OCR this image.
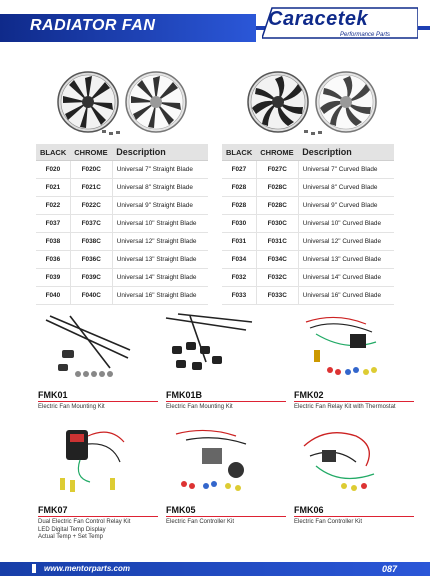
RADIATOR FAN	Caracetek
Performance Parts
BLACK	CHROME	Description
F020	F020C	Universal 7" Straight Blade
F021	F021C	Universal 8" Straight Blade
F022	F022C	Universal 9" Straight Blade
F037	F037C	Universal 10" Straight Blade
F038	F038C	Universal 12" Straight Blade
F036	F036C	Universal 13" Straight Blade
F039	F039C	Universal 14" Straight Blade
F040	F040C	Universal 16" Straight Blade
BLACK	CHROME	Description
F027	F027C	Universal 7" Curved Blade
F028	F028C	Universal 8" Curved Blade
F028	F028C	Universal 9" Curved Blade
F030	F030C	Universal 10" Curved Blade
F031	F031C	Universal 12" Curved Blade
F034	F034C	Universal 13" Curved Blade
F032	F032C	Universal 14" Curved Blade
F033	F033C	Universal 16" Curved Blade
FMK01
Electric Fan Mounting Kit
FMK01B
Electric Fan Mounting Kit
FMK02
Electric Fan Relay Kit with Thermostat
FMK07
Dual Electric Fan Control Relay Kit
LED Digital Temp Display
Actual Temp + Set Temp
FMK05
Electric Fan Controller Kit
FMK06
Electric Fan Controller Kit
www.mentorparts.com	087
